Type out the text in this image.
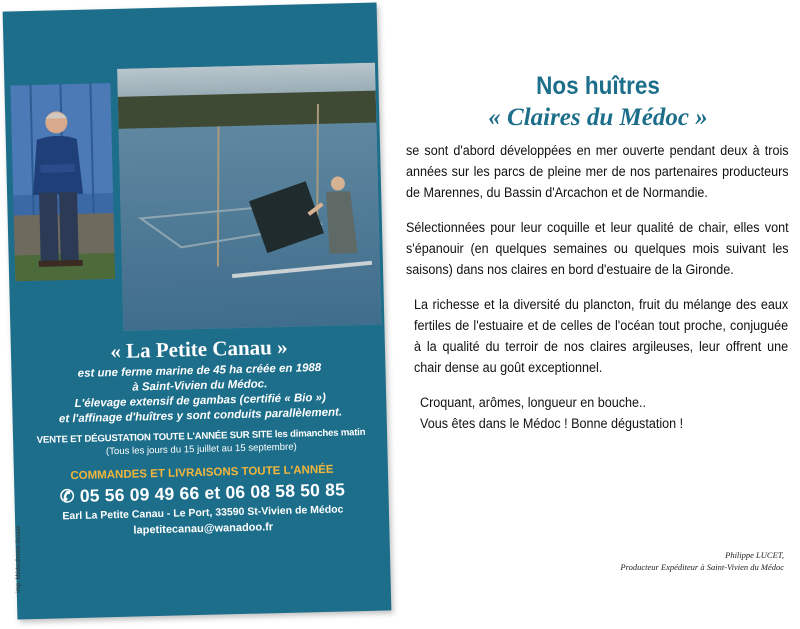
« La Petite Canau »
est une ferme marine de 45 ha créée en 1988
à Saint-Vivien du Médoc.
L'élevage extensif de gambas (certifié « Bio »)
et l'affinage d'huîtres y sont conduits parallèlement.
VENTE ET DÉGUSTATION TOUTE L'ANNÉE SUR SITE les dimanches matin
(Tous les jours du 15 juillet au 15 septembre)
COMMANDES ET LIVRAISONS TOUTE L'ANNÉE
✆ 05 56 09 49 66 et 06 08 58 50 85
Earl La Petite Canau - Le Port, 33590 St-Vivien de Médoc
lapetitecanau@wanadoo.fr
imp. Médoulienne Soulac
Nos huîtres
« Claires du Médoc »

se sont d'abord développées en mer ouverte pendant deux à trois années sur les parcs de pleine mer de nos partenaires producteurs de Marennes, du Bassin d'Arcachon et de Normandie.

Sélectionnées pour leur coquille et leur qualité de chair, elles vont s'épanouir (en quelques semaines ou quelques mois suivant les saisons) dans nos claires en bord d'estuaire de la Gironde.

La richesse et la diversité du plancton, fruit du mélange des eaux fertiles de l'estuaire et de celles de l'océan tout proche, conjuguée à la qualité du terroir de nos claires argileuses, leur offrent une chair dense au goût exceptionnel.

Croquant, arômes, longueur en bouche..
Vous êtes dans le Médoc ! Bonne dégustation !
Philippe LUCET,
Producteur Expéditeur à Saint-Vivien du Médoc
